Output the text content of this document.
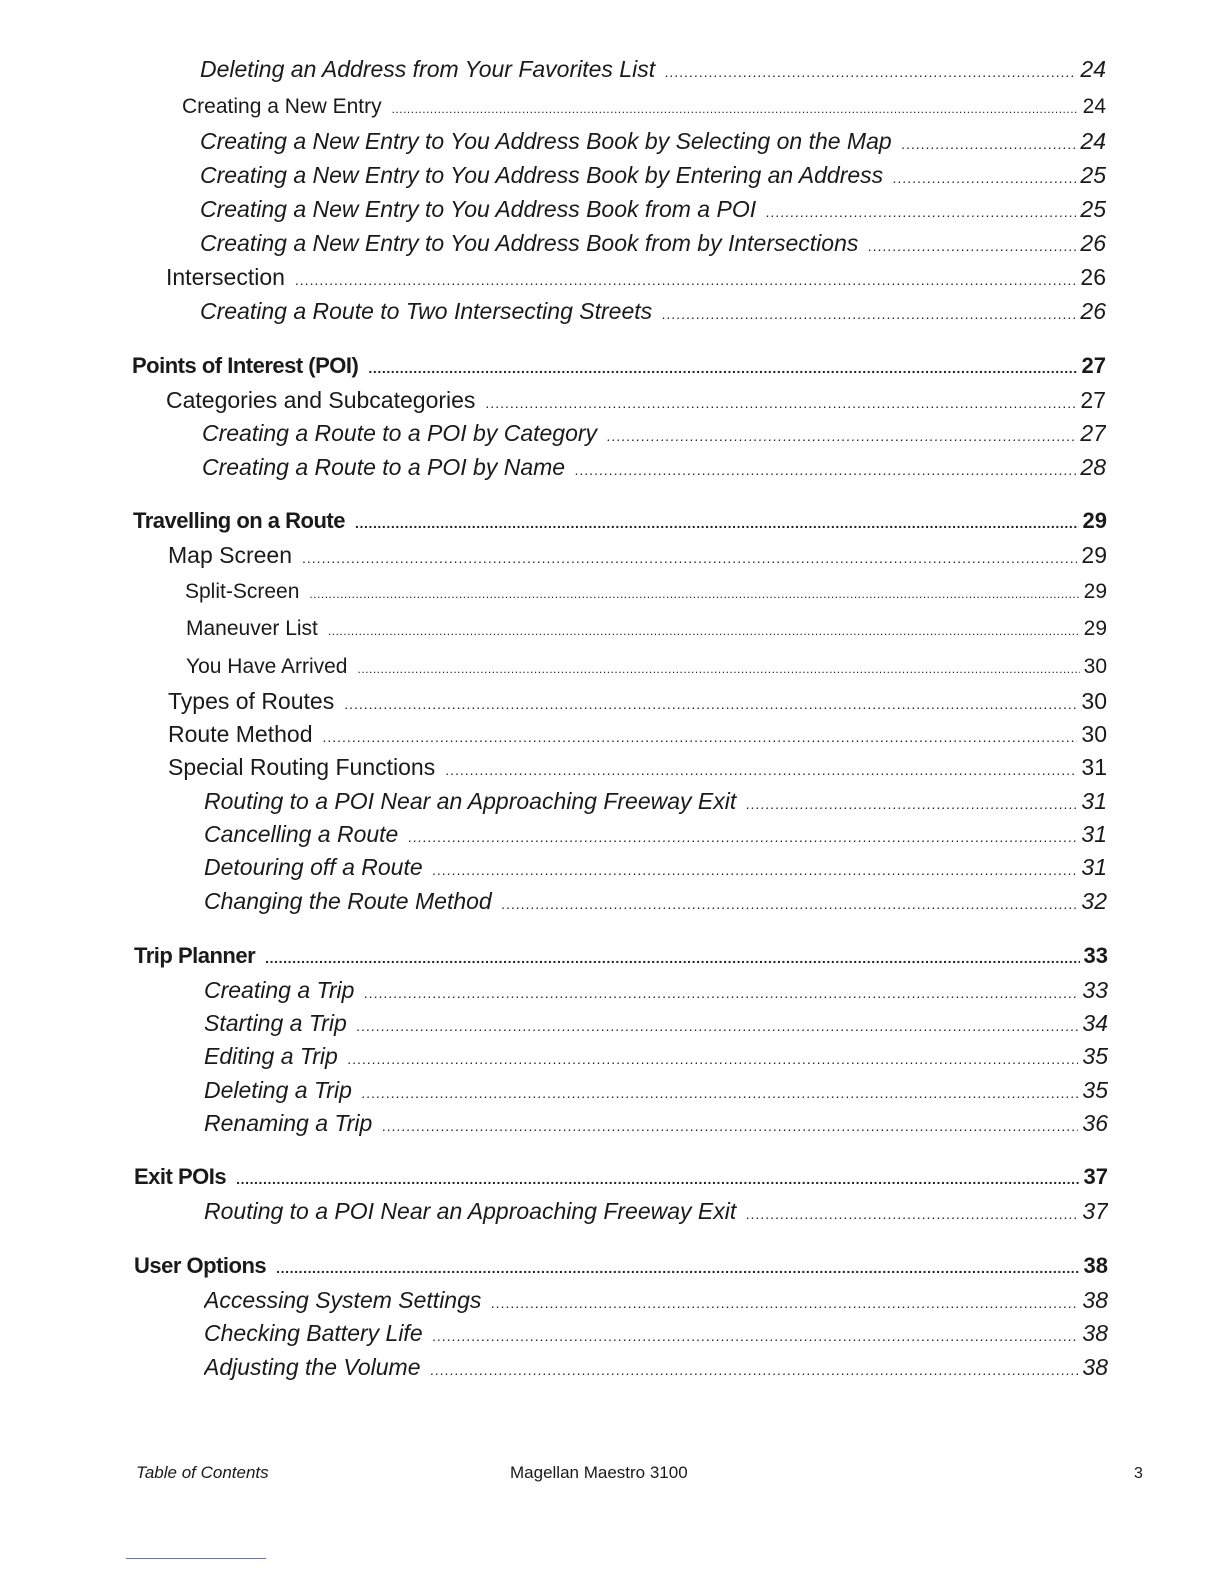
Deleting an Address from Your Favorites List .....	24
Creating a New Entry .....	24
Creating a New Entry to You Address Book by Selecting on the Map .....	24
Creating a New Entry to You Address Book by Entering an Address .....	25
Creating a New Entry to You Address Book from a POI .....	25
Creating a New Entry to You Address Book from by Intersections .....	26
Intersection .....	26
Creating a Route to Two Intersecting Streets .....	26
Points of Interest (POI) .....	27
Categories and Subcategories .....	27
Creating a Route to a POI by Category .....	27
Creating a Route to a POI by Name .....	28
Travelling on a Route .....	29
Map Screen .....	29
Split-Screen .....	29
Maneuver List .....	29
You Have Arrived .....	30
Types of Routes .....	30
Route Method .....	30
Special Routing Functions .....	31
Routing to a POI Near an Approaching Freeway Exit .....	31
Cancelling a Route .....	31
Detouring off a Route .....	31
Changing the Route Method .....	32
Trip Planner .....	33
Creating a Trip .....	33
Starting a Trip .....	34
Editing a Trip .....	35
Deleting a Trip .....	35
Renaming a Trip .....	36
Exit POIs .....	37
Routing to a POI Near an Approaching Freeway Exit .....	37
User Options .....	38
Accessing System Settings .....	38
Checking Battery Life .....	38
Adjusting the Volume .....	38
Table of Contents	Magellan Maestro 3100	3
